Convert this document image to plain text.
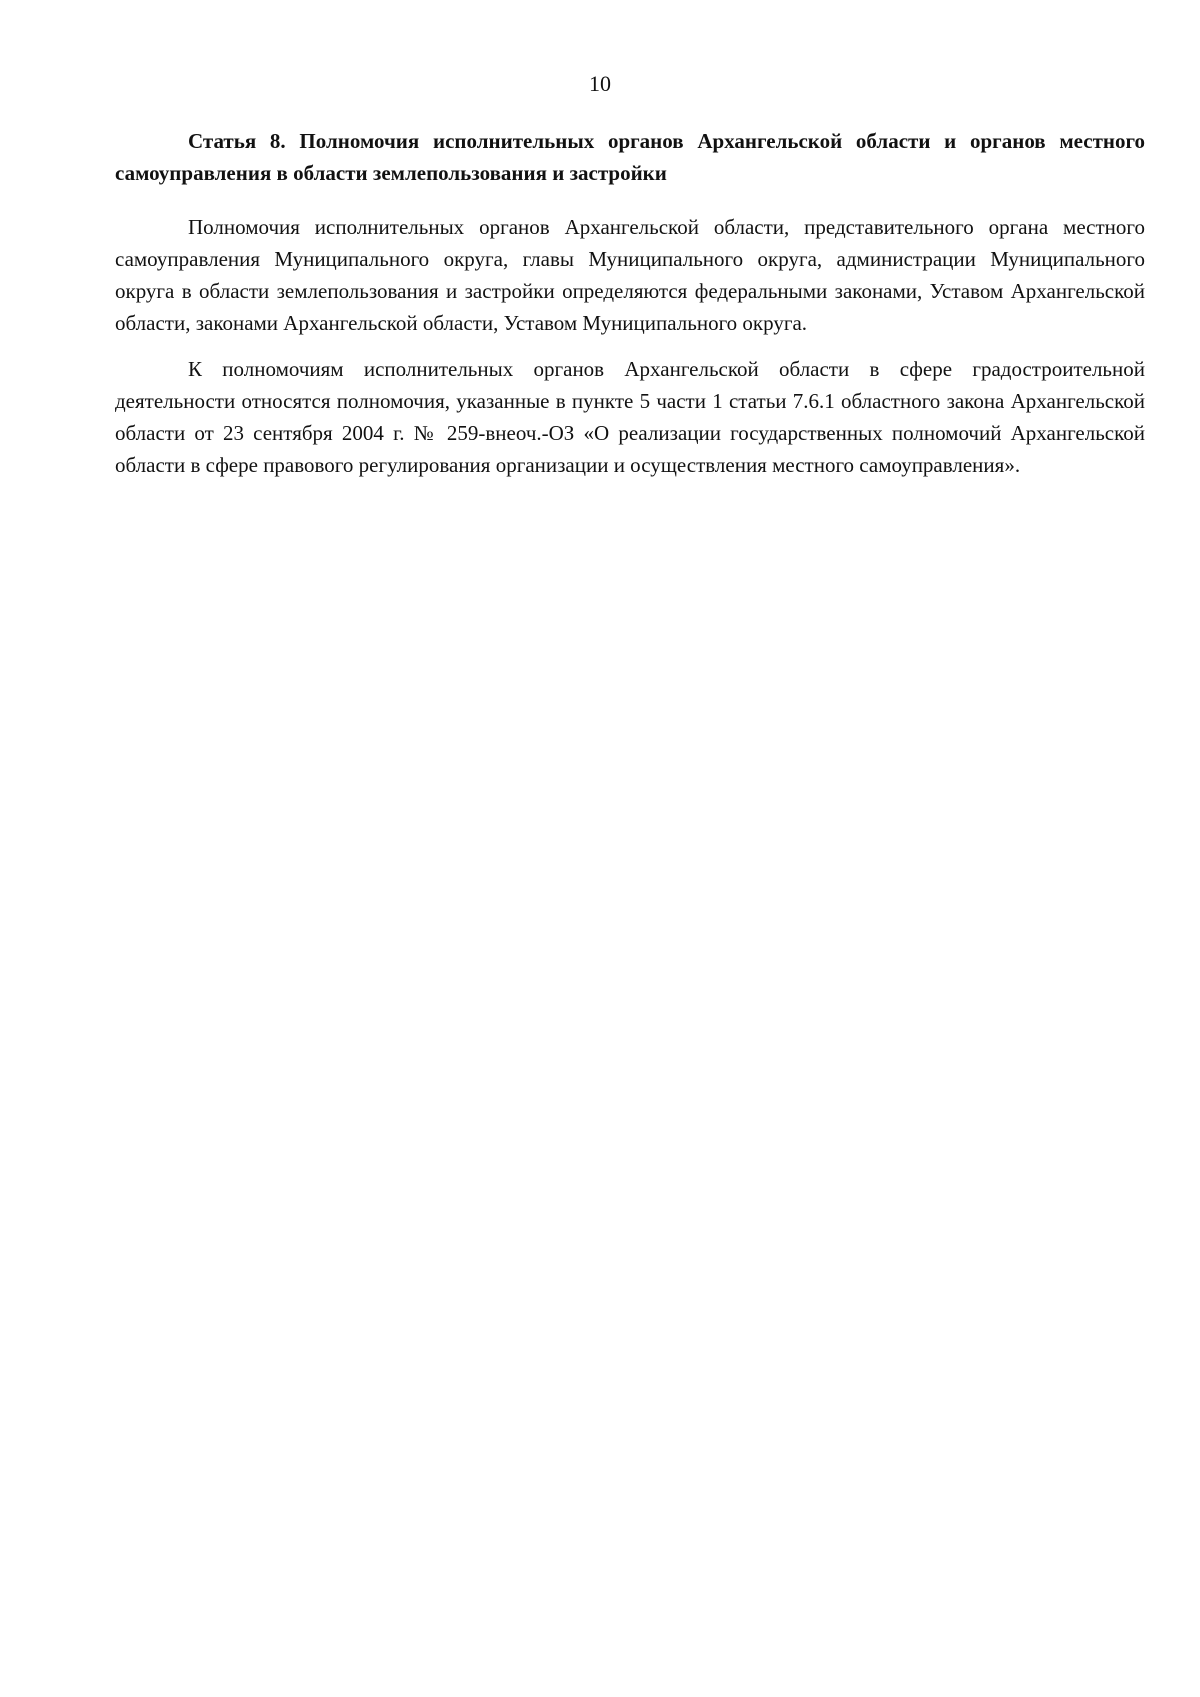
10

Статья 8. Полномочия исполнительных органов Архангельской области и органов местного самоуправления в области землепользования и застройки

Полномочия исполнительных органов Архангельской области, представительного органа местного самоуправления Муниципального округа, главы Муниципального округа, администрации Муниципального округа в области землепользования и застройки определяются федеральными законами, Уставом Архангельской области, законами Архангельской области, Уставом Муниципального округа.

К полномочиям исполнительных органов Архангельской области в сфере градостроительной деятельности относятся полномочия, указанные в пункте 5 части 1 статьи 7.6.1 областного закона Архангельской области от 23 сентября 2004 г. № 259-внеоч.-ОЗ «О реализации государственных полномочий Архангельской области в сфере правового регулирования организации и осуществления местного самоуправления».
